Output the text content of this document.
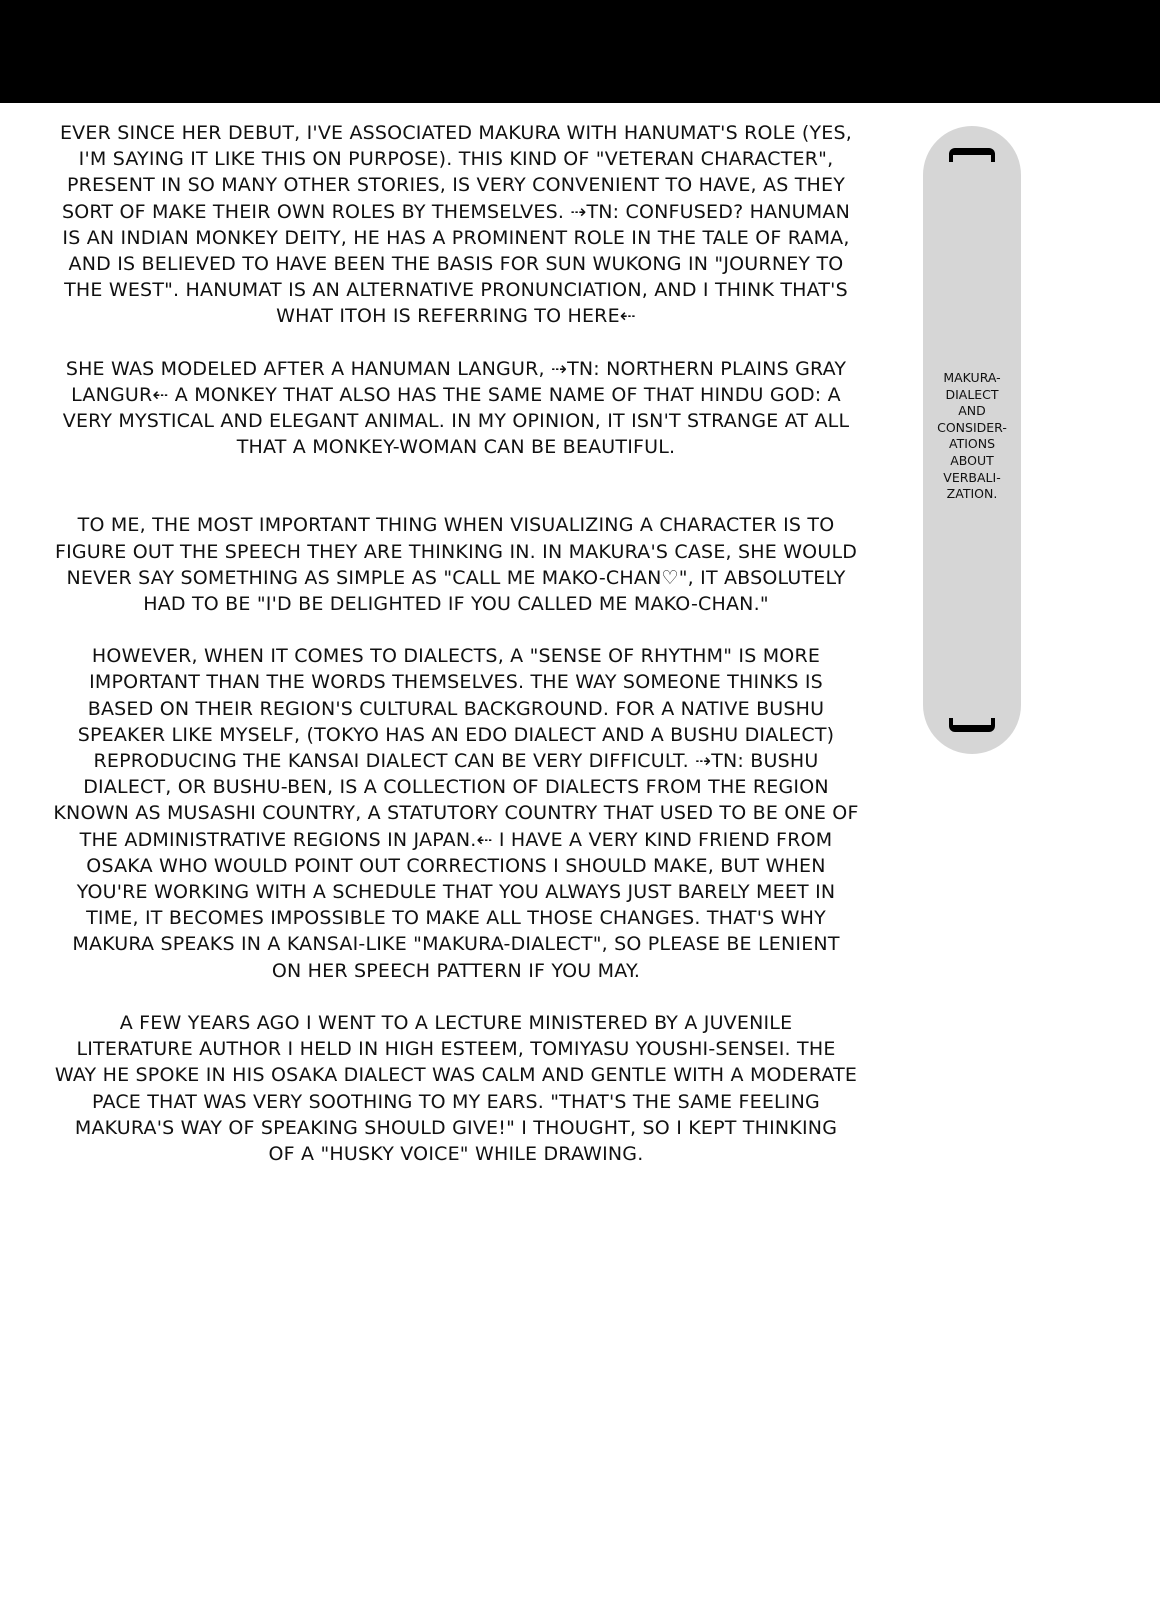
EVER SINCE HER DEBUT, I'VE ASSOCIATED MAKURA WITH HANUMAT'S ROLE (YES,
I'M SAYING IT LIKE THIS ON PURPOSE). THIS KIND OF "VETERAN CHARACTER",
PRESENT IN SO MANY OTHER STORIES, IS VERY CONVENIENT TO HAVE, AS THEY
SORT OF MAKE THEIR OWN ROLES BY THEMSELVES. ⇢TN: CONFUSED? HANUMAN
IS AN INDIAN MONKEY DEITY, HE HAS A PROMINENT ROLE IN THE TALE OF RAMA,
AND IS BELIEVED TO HAVE BEEN THE BASIS FOR SUN WUKONG IN "JOURNEY TO
THE WEST". HANUMAT IS AN ALTERNATIVE PRONUNCIATION, AND I THINK THAT'S
WHAT ITOH IS REFERRING TO HERE⇠

SHE WAS MODELED AFTER A HANUMAN LANGUR, ⇢TN: NORTHERN PLAINS GRAY
LANGUR⇠ A MONKEY THAT ALSO HAS THE SAME NAME OF THAT HINDU GOD: A
VERY MYSTICAL AND ELEGANT ANIMAL. IN MY OPINION, IT ISN'T STRANGE AT ALL
THAT A MONKEY-WOMAN CAN BE BEAUTIFUL.

TO ME, THE MOST IMPORTANT THING WHEN VISUALIZING A CHARACTER IS TO
FIGURE OUT THE SPEECH THEY ARE THINKING IN. IN MAKURA'S CASE, SHE WOULD
NEVER SAY SOMETHING AS SIMPLE AS "CALL ME MAKO-CHAN♡", IT ABSOLUTELY
HAD TO BE "I'D BE DELIGHTED IF YOU CALLED ME MAKO-CHAN."

HOWEVER, WHEN IT COMES TO DIALECTS, A "SENSE OF RHYTHM" IS MORE
IMPORTANT THAN THE WORDS THEMSELVES. THE WAY SOMEONE THINKS IS
BASED ON THEIR REGION'S CULTURAL BACKGROUND. FOR A NATIVE BUSHU
SPEAKER LIKE MYSELF, (TOKYO HAS AN EDO DIALECT AND A BUSHU DIALECT)
REPRODUCING THE KANSAI DIALECT CAN BE VERY DIFFICULT. ⇢TN: BUSHU
DIALECT, OR BUSHU-BEN, IS A COLLECTION OF DIALECTS FROM THE REGION
KNOWN AS MUSASHI COUNTRY, A STATUTORY COUNTRY THAT USED TO BE ONE OF
THE ADMINISTRATIVE REGIONS IN JAPAN.⇠ I HAVE A VERY KIND FRIEND FROM
OSAKA WHO WOULD POINT OUT CORRECTIONS I SHOULD MAKE, BUT WHEN
YOU'RE WORKING WITH A SCHEDULE THAT YOU ALWAYS JUST BARELY MEET IN
TIME, IT BECOMES IMPOSSIBLE TO MAKE ALL THOSE CHANGES. THAT'S WHY
MAKURA SPEAKS IN A KANSAI-LIKE "MAKURA-DIALECT", SO PLEASE BE LENIENT
ON HER SPEECH PATTERN IF YOU MAY.

A FEW YEARS AGO I WENT TO A LECTURE MINISTERED BY A JUVENILE
LITERATURE AUTHOR I HELD IN HIGH ESTEEM, TOMIYASU YOUSHI-SENSEI. THE
WAY HE SPOKE IN HIS OSAKA DIALECT WAS CALM AND GENTLE WITH A MODERATE
PACE THAT WAS VERY SOOTHING TO MY EARS. "THAT'S THE SAME FEELING
MAKURA'S WAY OF SPEAKING SHOULD GIVE!" I THOUGHT, SO I KEPT THINKING
OF A "HUSKY VOICE" WHILE DRAWING.

MAKURA-
DIALECT
AND
CONSIDER-
ATIONS
ABOUT
VERBALI-
ZATION.
